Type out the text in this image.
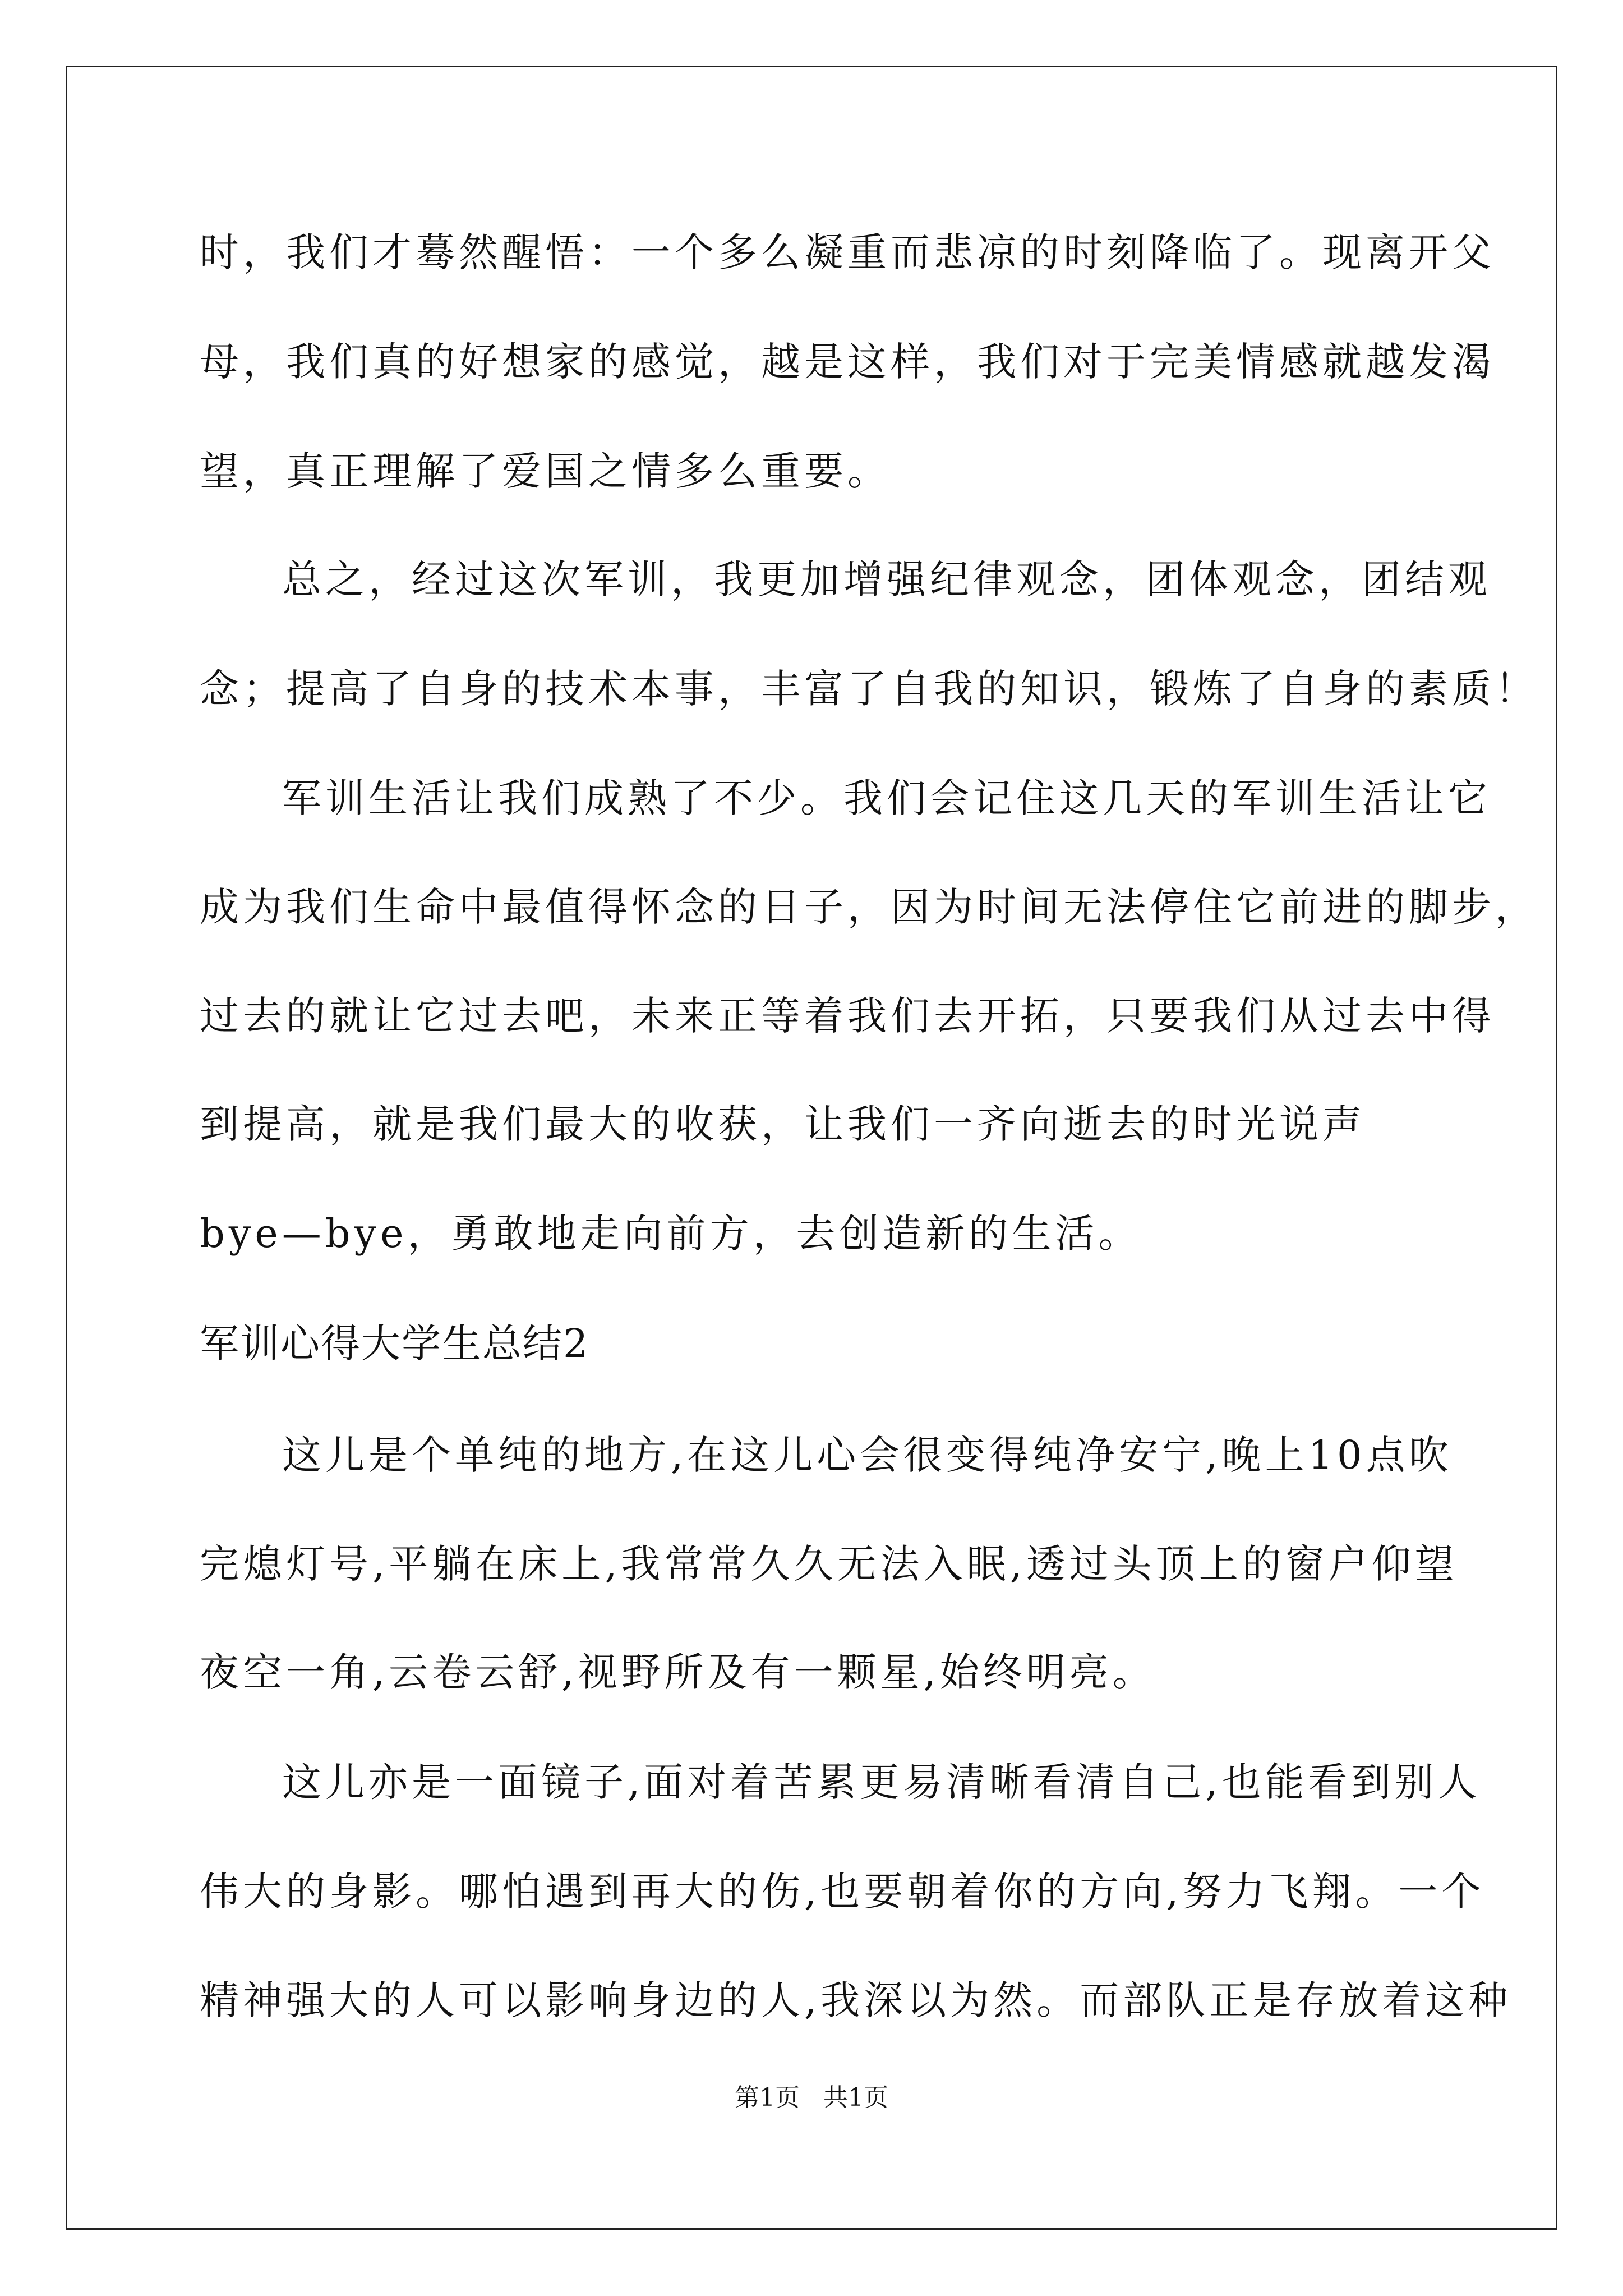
时，我们才蓦然醒悟：一个多么凝重而悲凉的时刻降临了。现离开父
母，我们真的好想家的感觉，越是这样，我们对于完美情感就越发渴
望，真正理解了爱国之情多么重要。
总之，经过这次军训，我更加增强纪律观念，团体观念，团结观
念；提高了自身的技术本事，丰富了自我的知识，锻炼了自身的素质！
军训生活让我们成熟了不少。我们会记住这几天的军训生活让它
成为我们生命中最值得怀念的日子，因为时间无法停住它前进的脚步，
过去的就让它过去吧，未来正等着我们去开拓，只要我们从过去中得
到提高，就是我们最大的收获，让我们一齐向逝去的时光说声
bye—bye，勇敢地走向前方，去创造新的生活。
军训心得大学生总结2
这儿是个单纯的地方,在这儿心会很变得纯净安宁,晚上10点吹
完熄灯号,平躺在床上,我常常久久无法入眠,透过头顶上的窗户仰望
夜空一角,云卷云舒,视野所及有一颗星,始终明亮。
这儿亦是一面镜子,面对着苦累更易清晰看清自己,也能看到别人
伟大的身影。哪怕遇到再大的伤,也要朝着你的方向,努力飞翔。一个
精神强大的人可以影响身边的人,我深以为然。而部队正是存放着这种
第1页   共1页
